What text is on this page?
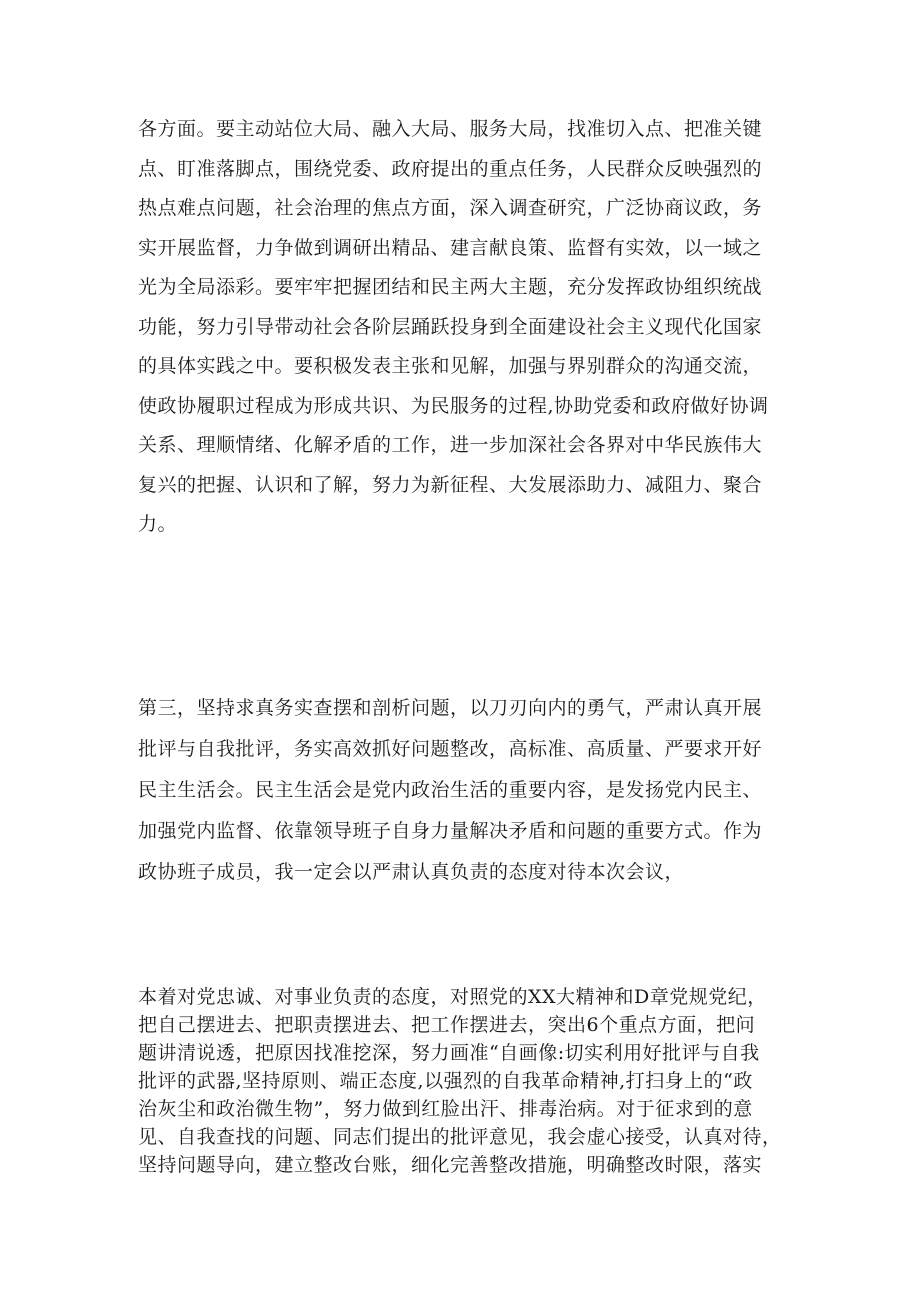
各方面。要主动站位大局、融入大局、服务大局，找准切入点、把准关键
点、盯准落脚点，围绕党委、政府提出的重点任务，人民群众反映强烈的
热点难点问题，社会治理的焦点方面，深入调查研究，广泛协商议政，务
实开展监督，力争做到调研出精品、建言献良策、监督有实效，以一域之
光为全局添彩。要牢牢把握团结和民主两大主题，充分发挥政协组织统战
功能，努力引导带动社会各阶层踊跃投身到全面建设社会主义现代化国家
的具体实践之中。要积极发表主张和见解，加强与界别群众的沟通交流，
使政协履职过程成为形成共识、为民服务的过程,协助党委和政府做好协调
关系、理顺情绪、化解矛盾的工作，进一步加深社会各界对中华民族伟大
复兴的把握、认识和了解，努力为新征程、大发展添助力、减阻力、聚合
力。
第三，坚持求真务实查摆和剖析问题，以刀刃向内的勇气，严肃认真开展
批评与自我批评，务实高效抓好问题整改，高标准、高质量、严要求开好
民主生活会。民主生活会是党内政治生活的重要内容，是发扬党内民主、
加强党内监督、依靠领导班子自身力量解决矛盾和问题的重要方式。作为
政协班子成员，我一定会以严肃认真负责的态度对待本次会议，
本着对党忠诚、对事业负责的态度，对照党的XX大精神和D章党规党纪，
把自己摆进去、把职责摆进去、把工作摆进去，突出6个重点方面，把问
题讲清说透，把原因找准挖深，努力画准“自画像:切实利用好批评与自我
批评的武器,坚持原则、端正态度,以强烈的自我革命精神,打扫身上的“政
治灰尘和政治微生物”，努力做到红脸出汗、排毒治病。对于征求到的意
见、自我查找的问题、同志们提出的批评意见，我会虚心接受，认真对待，
坚持问题导向，建立整改台账，细化完善整改措施，明确整改时限，落实
